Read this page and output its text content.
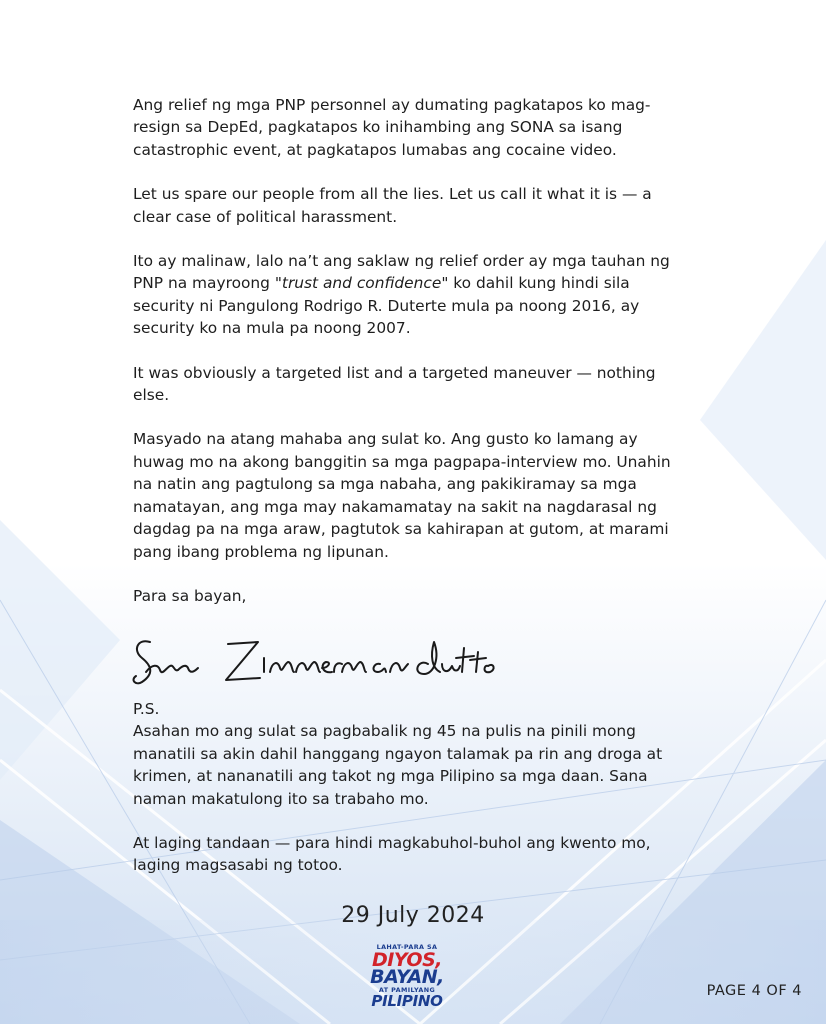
Ang relief ng mga PNP personnel ay dumating pagkatapos ko mag-resign sa DepEd, pagkatapos ko inihambing ang SONA sa isang catastrophic event, at pagkatapos lumabas ang cocaine video.

Let us spare our people from all the lies. Let us call it what it is — a clear case of political harassment.

Ito ay malinaw, lalo na’t ang saklaw ng relief order ay mga tauhan ng PNP na mayroong "trust and confidence" ko dahil kung hindi sila security ni Pangulong Rodrigo R. Duterte mula pa noong 2016, ay security ko na mula pa noong 2007.

It was obviously a targeted list and a targeted maneuver — nothing else.

Masyado na atang mahaba ang sulat ko. Ang gusto ko lamang ay huwag mo na akong banggitin sa mga pagpapa-interview mo. Unahin na natin ang pagtulong sa mga nabaha, ang pakikiramay sa mga namatayan, ang mga may nakamamatay na sakit na nagdarasal ng dagdag pa na mga araw, pagtutok sa kahirapan at gutom, at marami pang ibang problema ng lipunan.

Para sa bayan,

P.S.

Asahan mo ang sulat sa pagbabalik ng 45 na pulis na pinili mong manatili sa akin dahil hanggang ngayon talamak pa rin ang droga at krimen, at nananatili ang takot ng mga Pilipino sa mga daan. Sana naman makatulong ito sa trabaho mo.

At laging tandaan — para hindi magkabuhol-buhol ang kwento mo, laging magsasabi ng totoo.

29 July 2024
LAHAT-PARA SA
DIYOS,
BAYAN,
AT PAMILYANG
PILIPINO
PAGE 4 OF 4
